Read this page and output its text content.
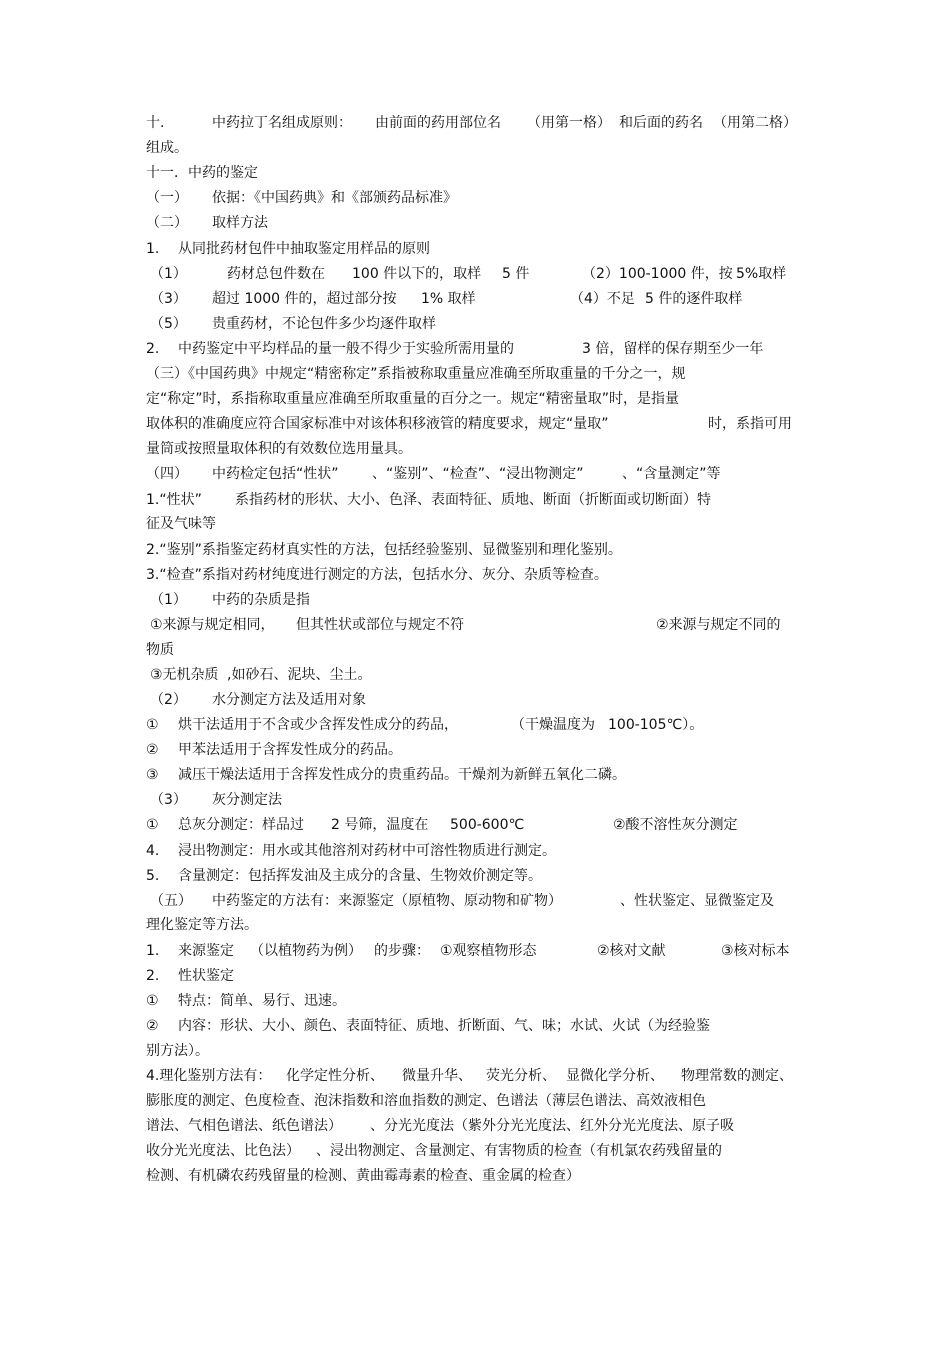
十.	中药拉丁名组成原则： 由前面的药用部位名 （用第一格） 和后面的药名 （用第二格）
组成。
十一．中药的鉴定
（一） 依据：《中国药典》和《部颁药品标准》
（二） 取样方法
1. 从同批药材包件中抽取鉴定用样品的原则
（1）	药材总包件数在 100 件以下的，取样 5 件	（2）100-1000 件，按 5%取样
（3） 超过 1000 件的，超过部分按 1% 取样	（4）不足 5 件的逐件取样
（5） 贵重药材，不论包件多少均逐件取样
2. 中药鉴定中平均样品的量一般不得少于实验所需用量的	3 倍，留样的保存期至少一年
（三）《中国药典》中规定“精密称定”系指被称取重量应准确至所取重量的千分之一，规
定“称定”时，系指称取重量应准确至所取重量的百分之一。规定“精密量取”时，是指量
取体积的准确度应符合国家标准中对该体积移液管的精度要求，规定“量取”	时，系指可用
量筒或按照量取体积的有效数位选用量具。
（四） 中药检定包括“性状” 、“鉴别”、“检查”、“浸出物测定”	、“含量测定”等
1.“性状” 系指药材的形状、大小、色泽、表面特征、质地、断面（折断面或切断面）特
征及气味等
2.“鉴别”系指鉴定药材真实性的方法，包括经验鉴别、显微鉴别和理化鉴别。
3.“检查”系指对药材纯度进行测定的方法，包括水分、灰分、杂质等检查。
（1） 中药的杂质是指
①来源与规定相同， 但其性状或部位与规定不符	②来源与规定不同的
物质
③无机杂质 ,如砂石、泥块、尘土。
（2） 水分测定方法及适用对象
① 烘干法适用于不含或少含挥发性成分的药品，	（干燥温度为 100-105℃）。
② 甲苯法适用于含挥发性成分的药品。
③ 减压干燥法适用于含挥发性成分的贵重药品。干燥剂为新鲜五氧化二磷。
（3） 灰分测定法
① 总灰分测定：样品过 2 号筛，温度在 500-600℃	②酸不溶性灰分测定
4. 浸出物测定：用水或其他溶剂对药材中可溶性物质进行测定。
5. 含量测定：包括挥发油及主成分的含量、生物效价测定等。
（五） 中药鉴定的方法有：来源鉴定（原植物、原动物和矿物）	、性状鉴定、显微鉴定及
理化鉴定等方法。
1. 来源鉴定 （以植物药为例） 的步骤： ①观察植物形态	②核对文献	③核对标本
2. 性状鉴定
① 特点：简单、易行、迅速。
② 内容：形状、大小、颜色、表面特征、质地、折断面、气、味；水试、火试（为经验鉴
别方法）。
4.理化鉴别方法有： 化学定性分析、 微量升华、 荧光分析、 显微化学分析、 物理常数的测定、
膨胀度的测定、色度检查、泡沫指数和溶血指数的测定、色谱法（薄层色谱法、高效液相色
谱法、气相色谱法、纸色谱法） 、分光光度法（紫外分光光度法、红外分光光度法、原子吸
收分光光度法、比色法） 、浸出物测定、含量测定、有害物质的检查（有机氯农药残留量的
检测、有机磷农药残留量的检测、黄曲霉毒素的检查、重金属的检查）
